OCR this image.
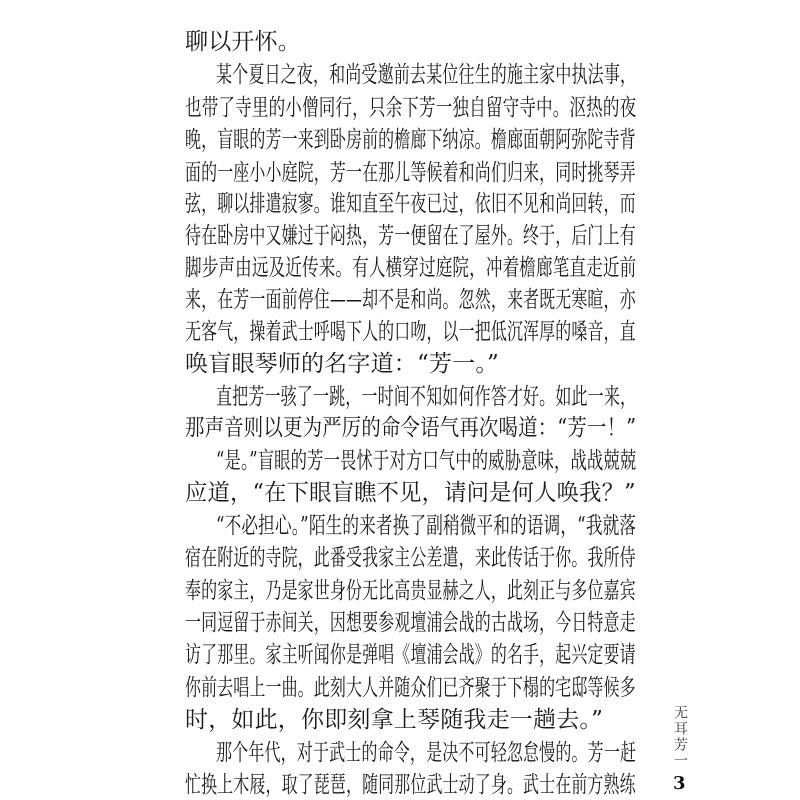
聊以开怀。
某个夏日之夜，和尚受邀前去某位往生的施主家中执法事，
也带了寺里的小僧同行，只余下芳一独自留守寺中。沤热的夜
晚，盲眼的芳一来到卧房前的檐廊下纳凉。檐廊面朝阿弥陀寺背
面的一座小小庭院，芳一在那儿等候着和尚们归来，同时挑琴弄
弦，聊以排遣寂寥。谁知直至午夜已过，依旧不见和尚回转，而
待在卧房中又嫌过于闷热，芳一便留在了屋外。终于，后门上有
脚步声由远及近传来。有人横穿过庭院，冲着檐廊笔直走近前
来，在芳一面前停住——却不是和尚。忽然，来者既无寒暄，亦
无客气，操着武士呼喝下人的口吻，以一把低沉浑厚的嗓音，直
唤盲眼琴师的名字道：“芳一。”
直把芳一骇了一跳，一时间不知如何作答才好。如此一来，
那声音则以更为严厉的命令语气再次喝道：“芳一！”
“是。”盲眼的芳一畏怵于对方口气中的威胁意味，战战兢兢
应道，“在下眼盲瞧不见，请问是何人唤我？”
“不必担心。”陌生的来者换了副稍微平和的语调，“我就落
宿在附近的寺院，此番受我家主公差遣，来此传话于你。我所侍
奉的家主，乃是家世身份无比高贵显赫之人，此刻正与多位嘉宾
一同逗留于赤间关，因想要参观壇浦会战的古战场，今日特意走
访了那里。家主听闻你是弹唱《壇浦会战》的名手，起兴定要请
你前去唱上一曲。此刻大人并随众们已齐聚于下榻的宅邸等候多
时，如此，你即刻拿上琴随我走一趟去。”
那个年代，对于武士的命令，是决不可轻忽怠慢的。芳一赶
忙换上木屐，取了琵琶，随同那位武士动了身。武士在前方熟练
无耳芳一
3
